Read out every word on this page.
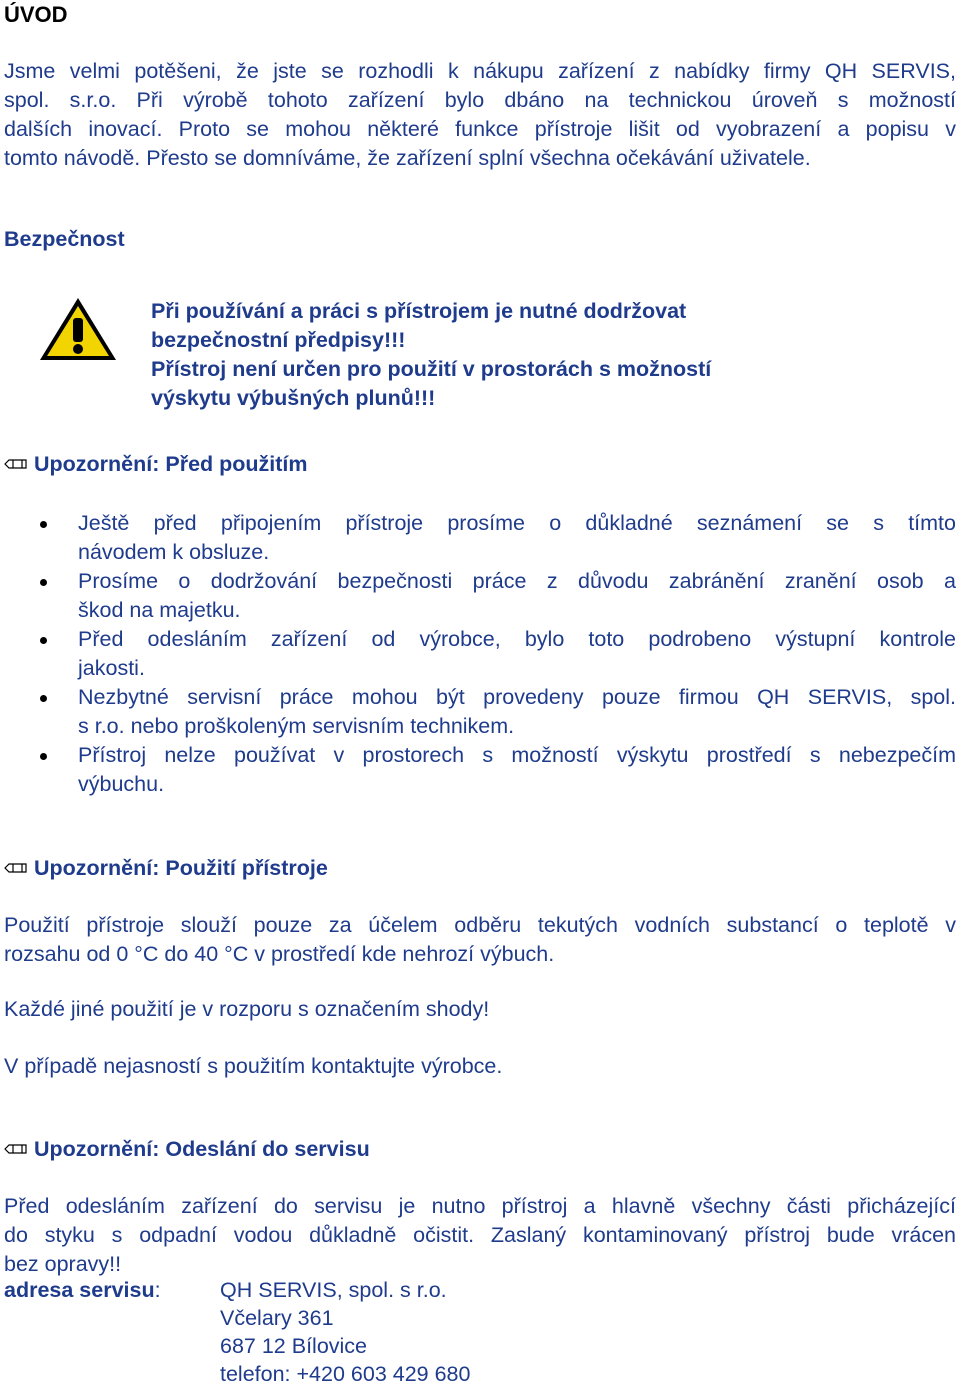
ÚVOD
Jsme velmi potěšeni, že jste se rozhodli k nákupu zařízení z nabídky firmy QH SERVIS,
spol. s.r.o. Při výrobě tohoto zařízení bylo dbáno na technickou úroveň s možností
dalších inovací. Proto se mohou některé funkce přístroje lišit od vyobrazení a popisu v
tomto návodě. Přesto se domníváme, že zařízení splní všechna očekávání uživatele.
Bezpečnost
Při používání a práci s přístrojem je nutné dodržovat
bezpečnostní předpisy!!!
Přístroj není určen pro použití v prostorách s možností
výskytu výbušných plunů!!!
Upozornění: Před použitím
Ještě před připojením přístroje prosíme o důkladné seznámení se s tímto
návodem k obsluze.
Prosíme o dodržování bezpečnosti práce z důvodu zabránění zranění osob a
škod na majetku.
Před odesláním zařízení od výrobce, bylo toto podrobeno výstupní kontrole
jakosti.
Nezbytné servisní práce mohou být provedeny pouze firmou QH SERVIS, spol.
s r.o. nebo proškoleným servisním technikem.
Přístroj nelze používat v prostorech s možností výskytu prostředí s nebezpečím
výbuchu.
Upozornění: Použití přístroje
Použití přístroje slouží pouze za účelem odběru tekutých vodních substancí o teplotě v
rozsahu od 0 °C do 40 °C v prostředí kde nehrozí výbuch.
Každé jiné použití je v rozporu s označením shody!
V případě nejasností s použitím kontaktujte výrobce.
Upozornění: Odeslání do servisu
Před odesláním zařízení do servisu je nutno přístroj a hlavně všechny části přicházející
do styku s odpadní vodou důkladně očistit. Zaslaný kontaminovaný přístroj bude vrácen
bez opravy!!
adresa servisu:	QH SERVIS, spol. s r.o.
Včelary 361
687 12 Bílovice
telefon: +420 603 429 680
